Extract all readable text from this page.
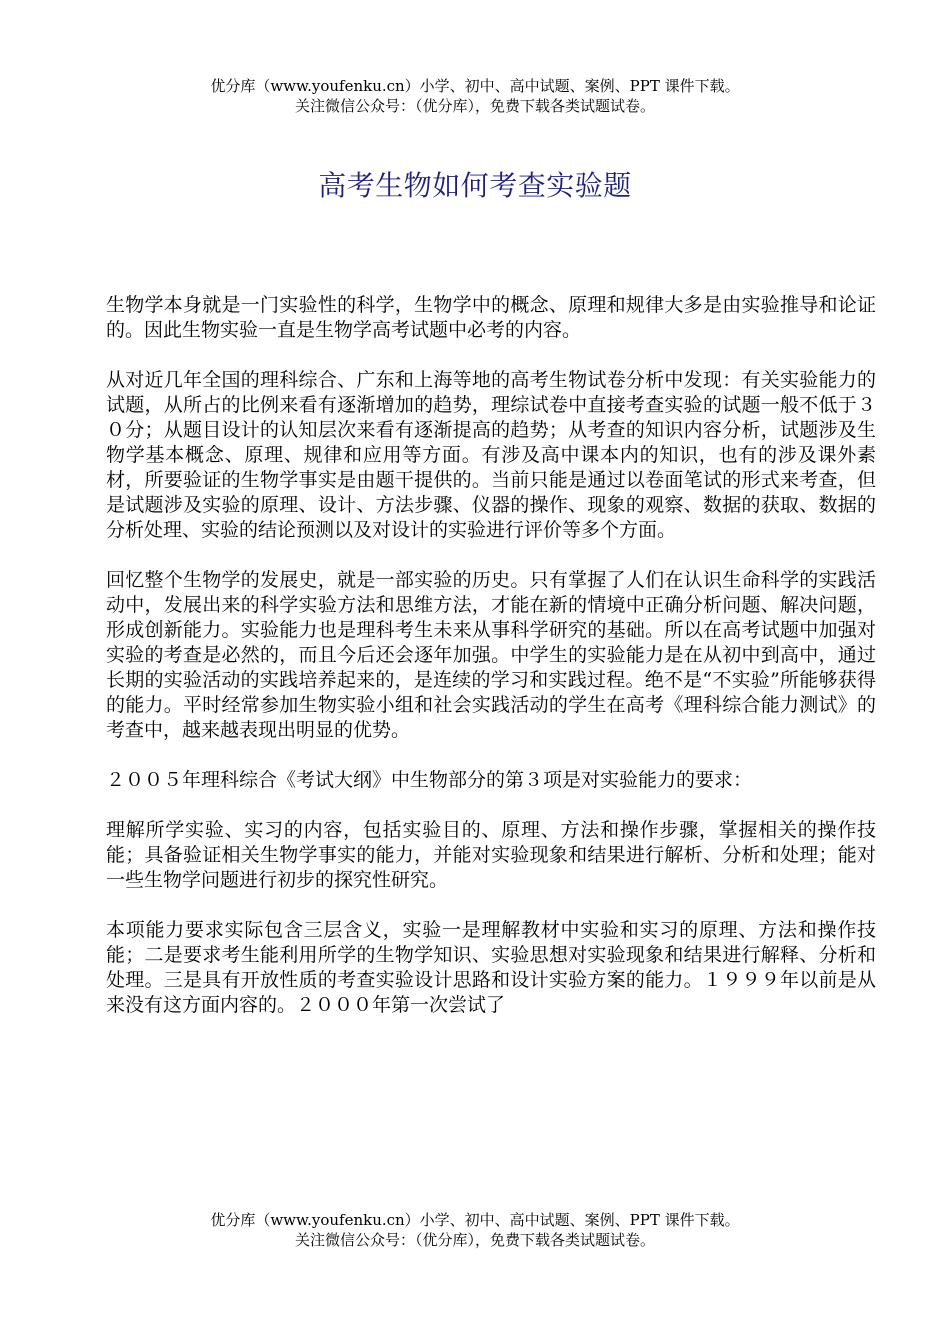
优分库（www.youfenku.cn）小学、初中、高中试题、案例、PPT 课件下载。
关注微信公众号：（优分库），免费下载各类试题试卷。
高考生物如何考查实验题

生物学本身就是一门实验性的科学，生物学中的概念、原理和规律大多是由实验推导和论证的。因此生物实验一直是生物学高考试题中必考的内容。

从对近几年全国的理科综合、广东和上海等地的高考生物试卷分析中发现：有关实验能力的试题，从所占的比例来看有逐渐增加的趋势，理综试卷中直接考查实验的试题一般不低于３０分；从题目设计的认知层次来看有逐渐提高的趋势；从考查的知识内容分析，试题涉及生物学基本概念、原理、规律和应用等方面。有涉及高中课本内的知识，也有的涉及课外素材，所要验证的生物学事实是由题干提供的。当前只能是通过以卷面笔试的形式来考查，但是试题涉及实验的原理、设计、方法步骤、仪器的操作、现象的观察、数据的获取、数据的分析处理、实验的结论预测以及对设计的实验进行评价等多个方面。

回忆整个生物学的发展史，就是一部实验的历史。只有掌握了人们在认识生命科学的实践活动中，发展出来的科学实验方法和思维方法，才能在新的情境中正确分析问题、解决问题，形成创新能力。实验能力也是理科考生未来从事科学研究的基础。所以在高考试题中加强对实验的考查是必然的，而且今后还会逐年加强。中学生的实验能力是在从初中到高中，通过长期的实验活动的实践培养起来的，是连续的学习和实践过程。绝不是“不实验”所能够获得的能力。平时经常参加生物实验小组和社会实践活动的学生在高考《理科综合能力测试》的考查中，越来越表现出明显的优势。

２００５年理科综合《考试大纲》中生物部分的第３项是对实验能力的要求：

理解所学实验、实习的内容，包括实验目的、原理、方法和操作步骤，掌握相关的操作技能；具备验证相关生物学事实的能力，并能对实验现象和结果进行解析、分析和处理；能对一些生物学问题进行初步的探究性研究。

本项能力要求实际包含三层含义，实验一是理解教材中实验和实习的原理、方法和操作技能；二是要求考生能利用所学的生物学知识、实验思想对实验现象和结果进行解释、分析和处理。三是具有开放性质的考查实验设计思路和设计实验方案的能力。１９９９年以前是从来没有这方面内容的。２０００年第一次尝试了

优分库（www.youfenku.cn）小学、初中、高中试题、案例、PPT 课件下载。
关注微信公众号：（优分库），免费下载各类试题试卷。
